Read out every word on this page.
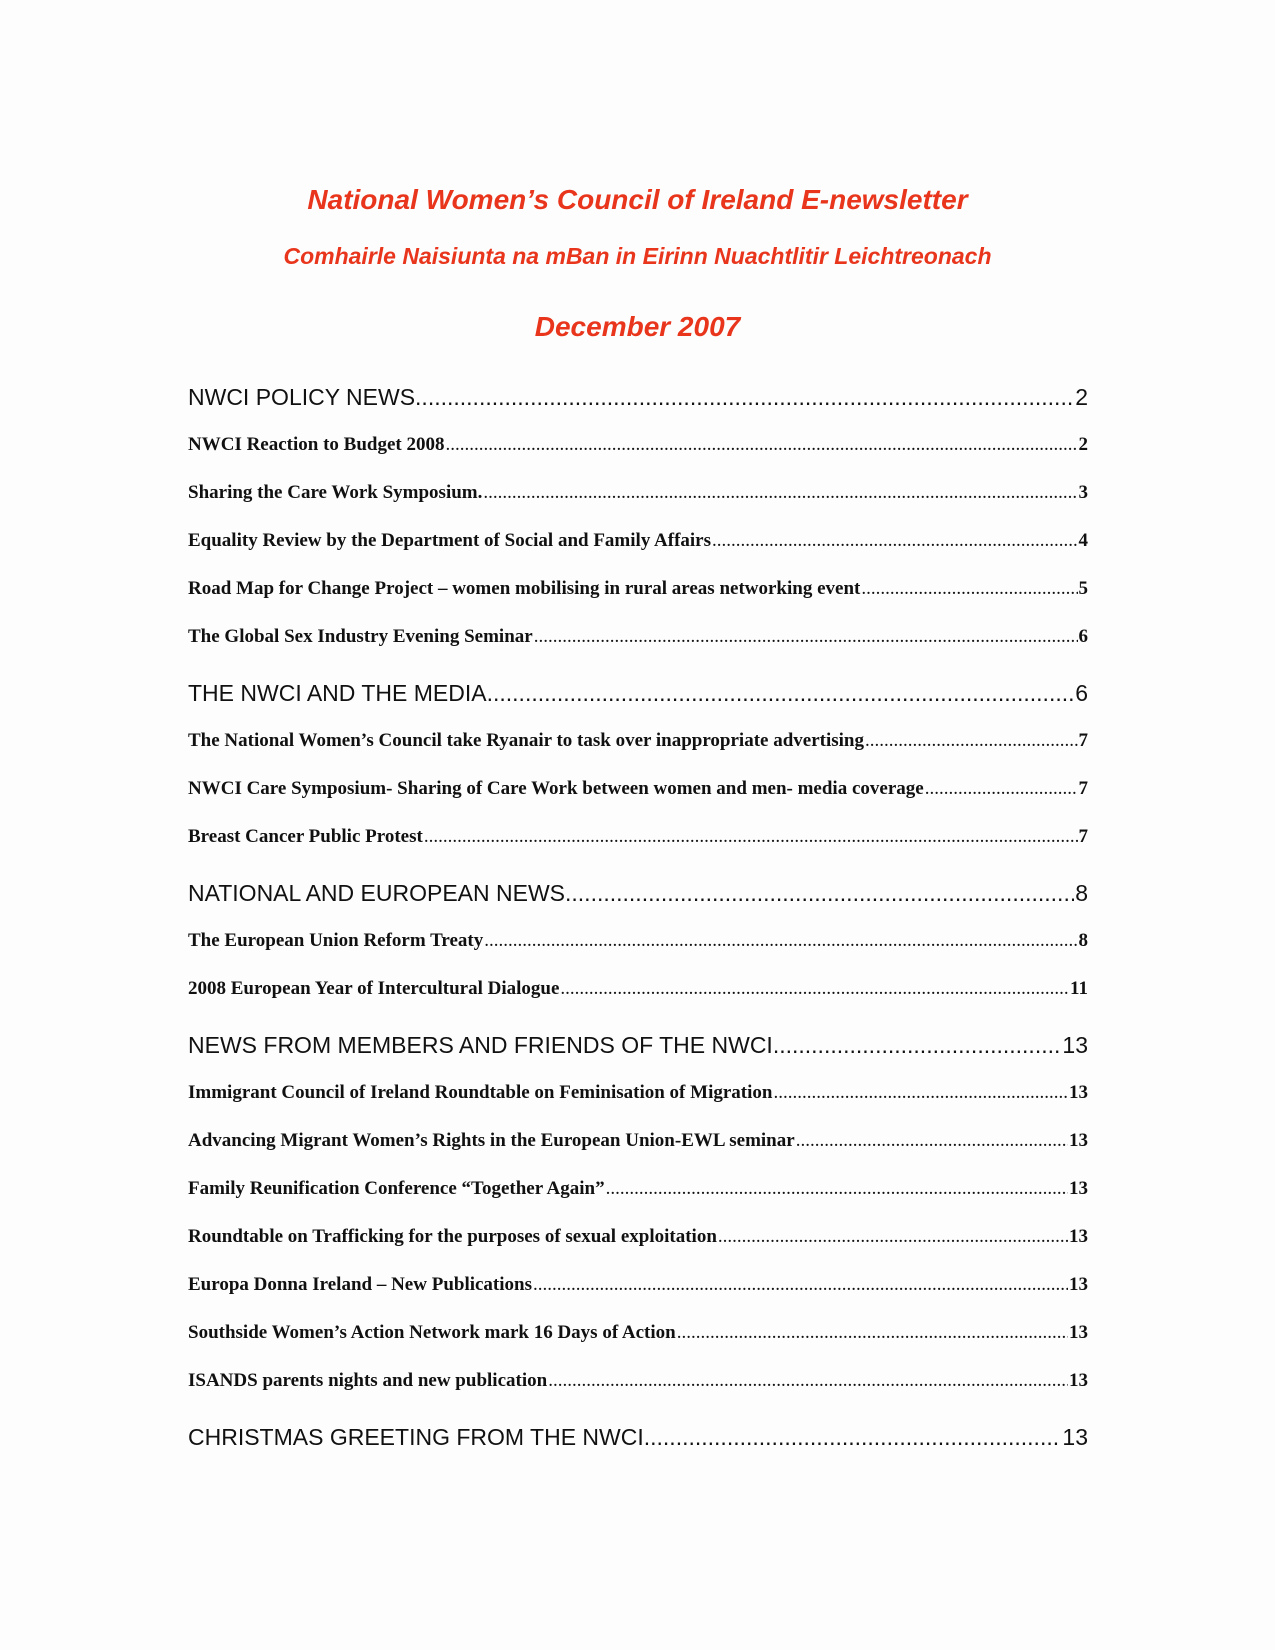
National Women’s Council of Ireland E-newsletter
Comhairle Naisiunta na mBan in Eirinn Nuachtlitir Leichtreonach
December 2007
NWCI POLICY NEWS .....	2
NWCI Reaction to Budget 2008 .....	2
Sharing the Care Work Symposium. .....	3
Equality Review by the Department of Social and Family Affairs .....	4
Road Map for Change Project – women mobilising in rural areas networking event .....	5
The Global Sex Industry Evening Seminar .....	6
THE NWCI AND THE MEDIA .....	6
The National Women’s Council take Ryanair to task over inappropriate advertising .....	7
NWCI Care Symposium- Sharing of Care Work between women and men- media coverage .....	7
Breast Cancer Public Protest .....	7
NATIONAL AND EUROPEAN NEWS .....	8
The European Union Reform Treaty .....	8
2008 European Year of Intercultural Dialogue .....	11
NEWS FROM MEMBERS AND FRIENDS OF THE NWCI .....	13
Immigrant Council of Ireland Roundtable on Feminisation of Migration .....	13
Advancing Migrant Women’s Rights in the European Union-EWL seminar .....	13
Family Reunification Conference “Together Again” .....	13
Roundtable on Trafficking for the purposes of sexual exploitation .....	13
Europa Donna Ireland – New Publications .....	13
Southside Women’s Action Network mark 16 Days of Action .....	13
ISANDS parents nights and new publication .....	13
CHRISTMAS GREETING FROM THE NWCI .....	13
